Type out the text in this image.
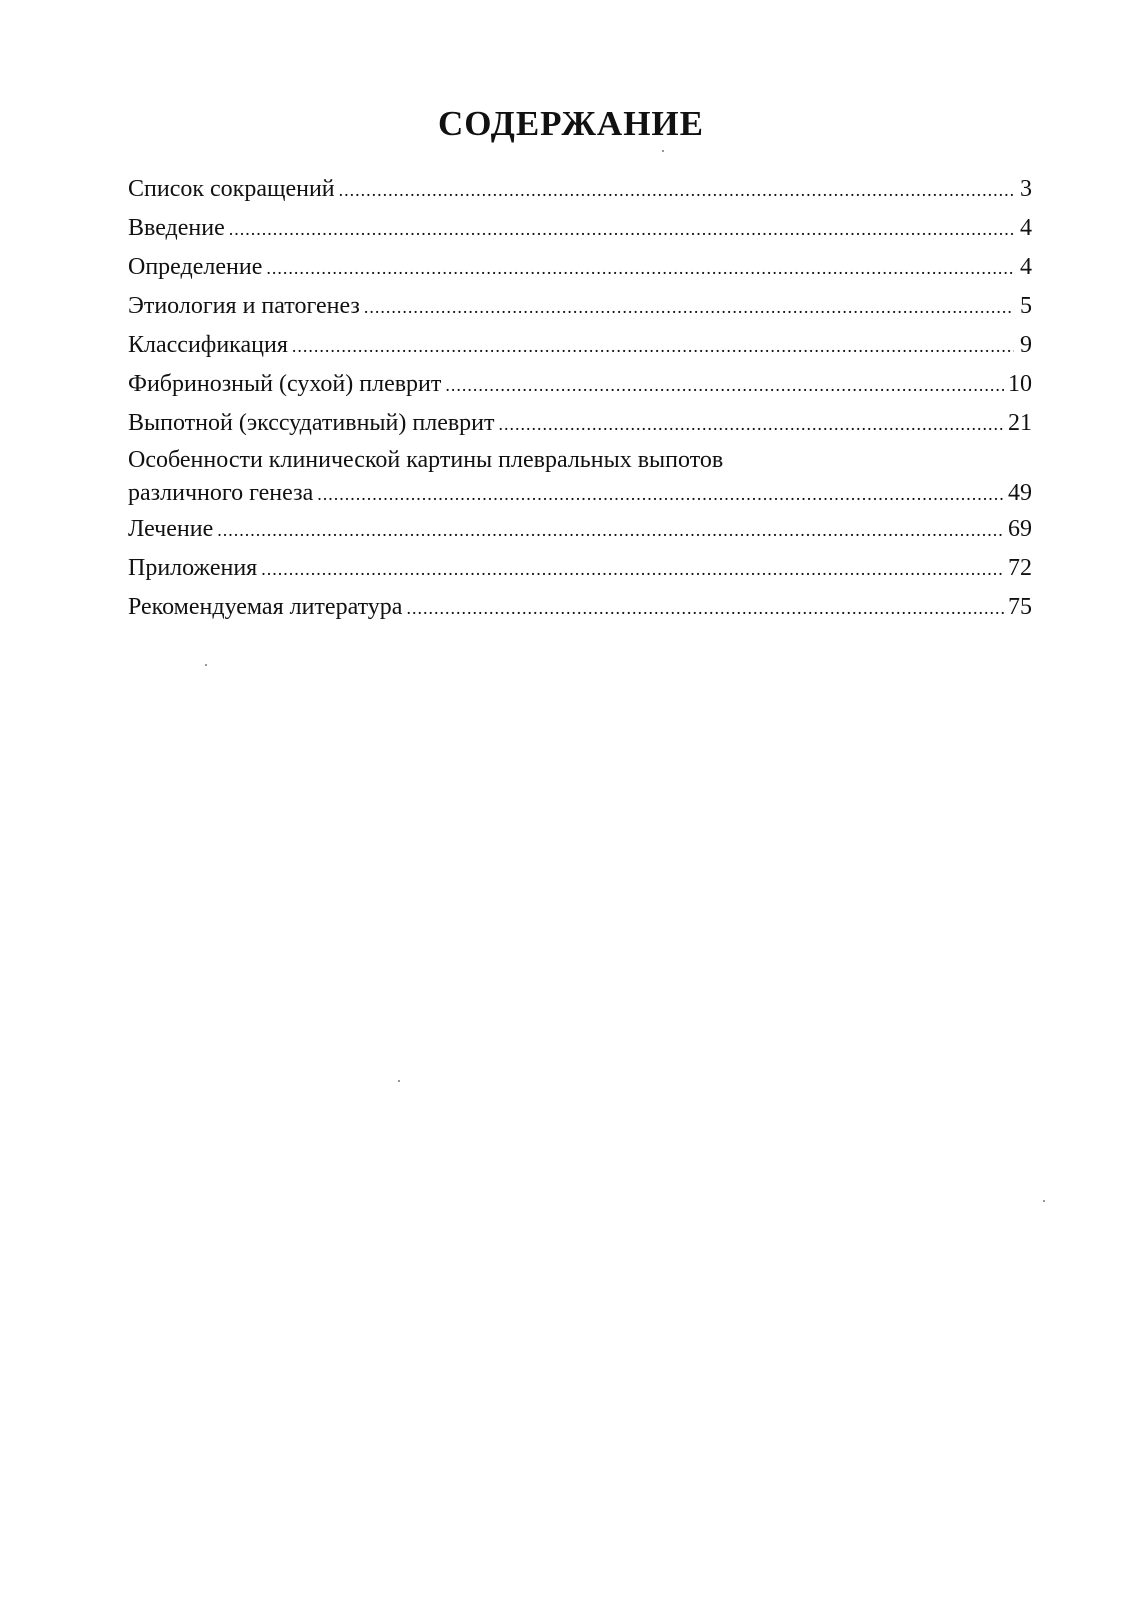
СОДЕРЖАНИЕ
Список сокращений .....	3
Введение .....	4
Определение .....	4
Этиология и патогенез .....	5
Классификация .....	9
Фибринозный (сухой) плеврит .....	10
Выпотной (экссудативный) плеврит .....	21
Особенности клинической картины плевральных выпотов
различного генеза .....	49
Лечение .....	69
Приложения .....	72
Рекомендуемая литература .....	75
